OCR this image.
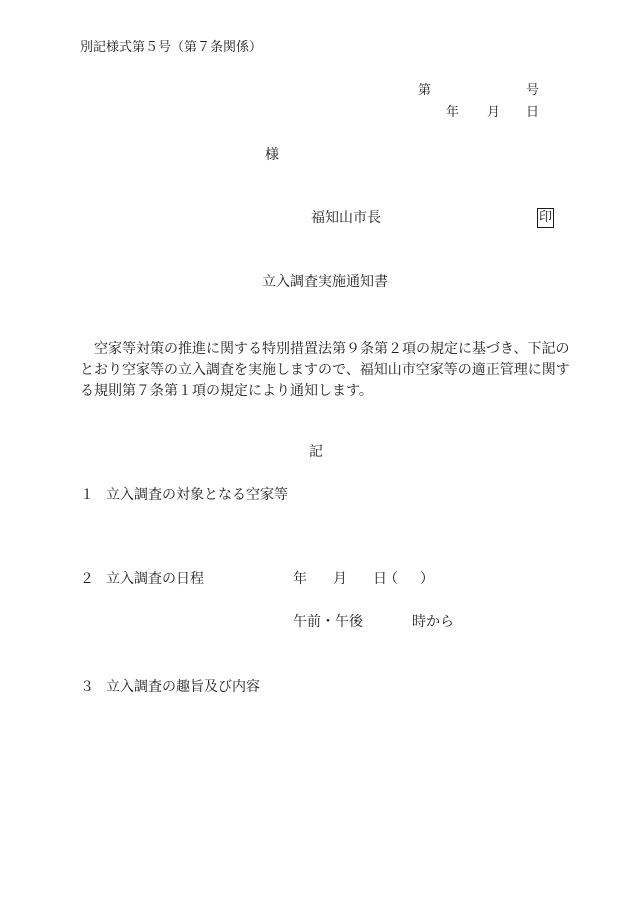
別記様式第５号（第７条関係）
第	号
年 月 日
様
福知山市長	印
立入調査実施通知書
　空家等対策の推進に関する特別措置法第９条第２項の規定に基づき、下記の
とおり空家等の立入調査を実施しますので、福知山市空家等の適正管理に関す
る規則第７条第１項の規定により通知します。
記
１ 立入調査の対象となる空家等
２ 立入調査の日程	年 月 日
（ ）
午前・午後	時から
３ 立入調査の趣旨及び内容
